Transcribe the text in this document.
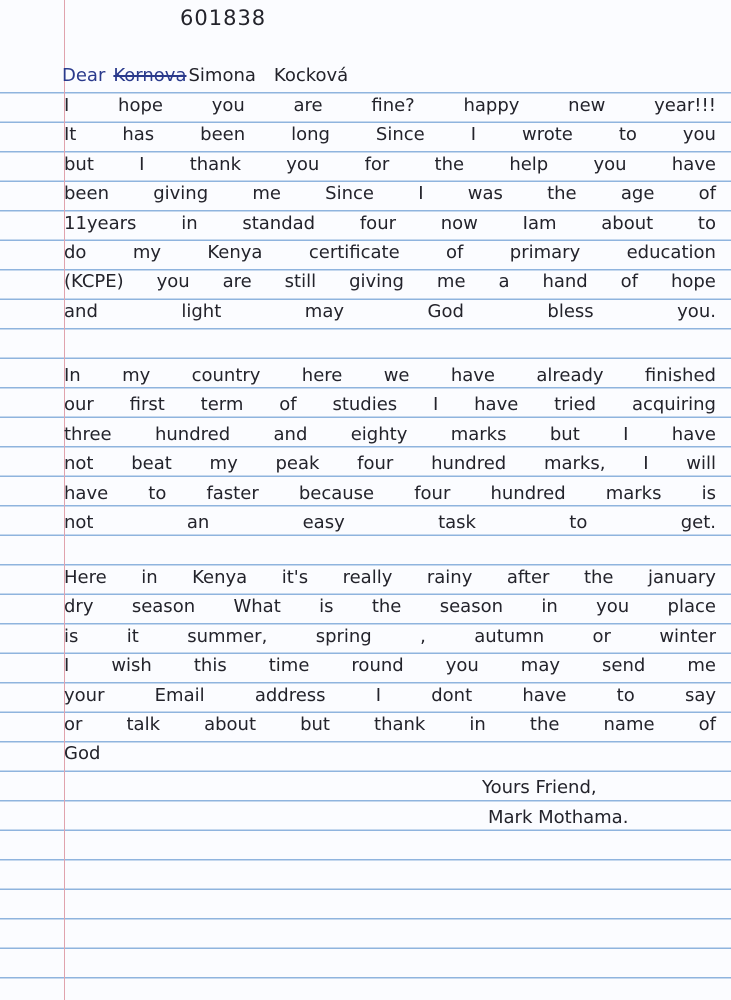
601838
Dear Kornova Simona Kocková
I	hope	you	are	fine?	happy	new	year!!!
It	has	been	long	Since	I	wrote	to	you
but	I	thank	you	for	the	help	you	have
been giving me Since I was the age of
11years in standad four now Iam about to
do	my	Kenya	certificate	of	primary	education
(KCPE) you are still giving me a hand of hope
and	light	may	God	bless	you.
In my country here we have already finished
our first term of studies I have tried acquiring
three hundred and eighty marks but I have
not beat my peak four hundred marks, I will
have to faster because four hundred marks is
not	an	easy	task	to	get.
Here in Kenya it's really rainy after the january
dry season What is the season in you place
is	it	summer,	spring	,	autumn	or	winter
I wish this time round you may send me
your	Email	address	I	dont	have	to	say
or talk about but thank in the name of
God
Yours Friend,
Mark Mothama.
